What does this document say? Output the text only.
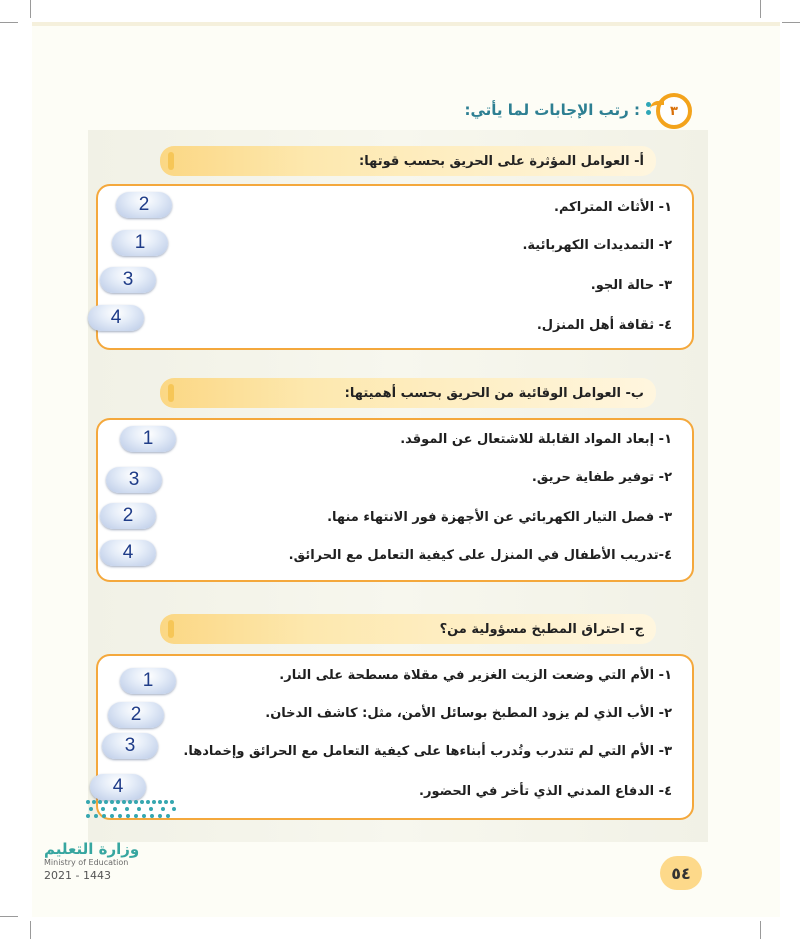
٣
: رتب الإجابات لما يأتي:
أ- العوامل المؤثرة على الحريق بحسب قوتها:
١- الأثاث المتراكم.
٢- التمديدات الكهربائية.
٣- حالة الجو.
٤- ثقافة أهل المنزل.
2
1
3
4
ب- العوامل الوقائية من الحريق بحسب أهميتها:
١- إبعاد المواد القابلة للاشتعال عن الموقد.
٢- توفير طفاية حريق.
٣- فصل التيار الكهربائي عن الأجهزة فور الانتهاء منها.
٤-تدريب الأطفال في المنزل على كيفية التعامل مع الحرائق.
1
3
2
4
ج- احتراق المطبخ مسؤولية من؟
١- الأم التي وضعت الزيت الغزير في مقلاة مسطحة على النار.
٢- الأب الذي لم يزود المطبخ بوسائل الأمن، مثل: كاشف الدخان.
٣- الأم التي لم تتدرب وتُدرب أبناءها على كيفية التعامل مع الحرائق وإخمادها.
٤- الدفاع المدني الذي تأخر في الحضور.
1
2
3
4
وزارة التعليم
Ministry of Education
2021 - 1443	٥٤
